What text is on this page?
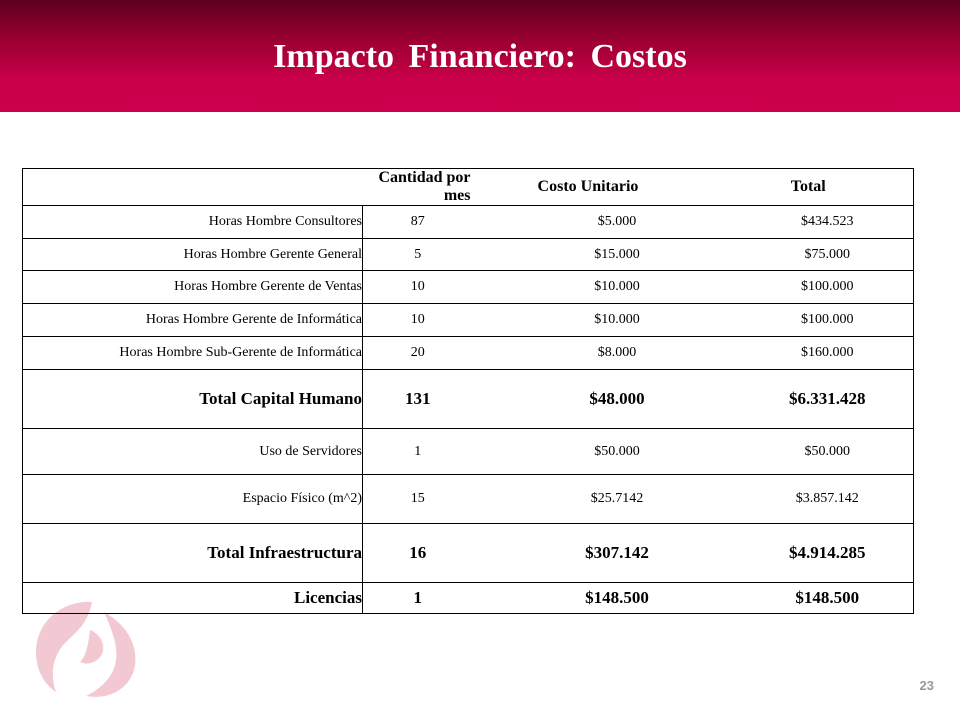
Impacto Financiero: Costos
	Cantidad por mes	Costo Unitario	Total
Horas Hombre Consultores	87	$5.000	$434.523
Horas Hombre Gerente General	5	$15.000	$75.000
Horas Hombre Gerente de Ventas	10	$10.000	$100.000
Horas Hombre Gerente de Informática	10	$10.000	$100.000
Horas Hombre Sub-Gerente de Informática	20	$8.000	$160.000
Total Capital Humano	131	$48.000	$6.331.428
Uso de Servidores	1	$50.000	$50.000
Espacio Físico (m^2)	15	$25.7142	$3.857.142
Total Infraestructura	16	$307.142	$4.914.285
Licencias	1	$148.500	$148.500
23
